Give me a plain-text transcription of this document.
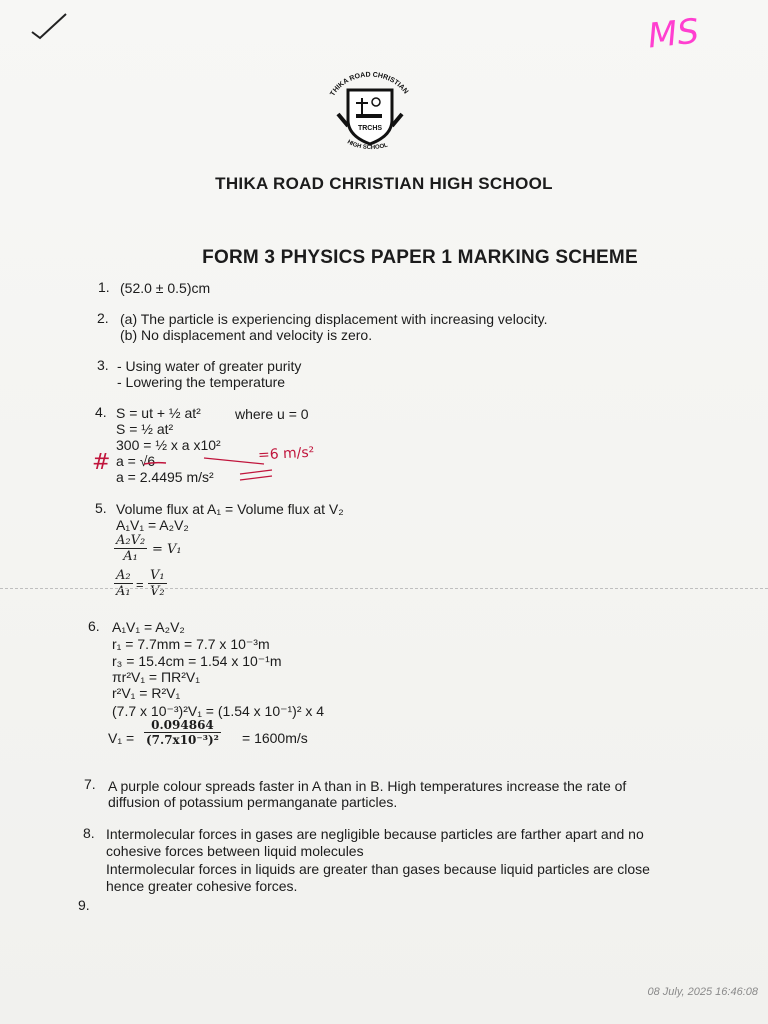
MS
THIKA ROAD CHRISTIAN
TRCHS
HIGH SCHOOL
THIKA ROAD CHRISTIAN HIGH SCHOOL
FORM 3 PHYSICS PAPER 1 MARKING SCHEME
1. (52.0 ± 0.5)cm
2. (a) The particle is experiencing displacement with increasing velocity.
(b) No displacement and velocity is zero.
3. - Using water of greater purity
- Lowering the temperature
4. S = ut + ½ at² where u = 0
S = ½ at²
300 = ½ x a x10²
a = √6
a = 2.4495 m/s²
#	=6 m/s²
5. Volume flux at A₁ = Volume flux at V₂
A₁V₁ = A₂V₂
$\frac{\text{A₂V₂}}{\text{A₁}} = V_1$
$\frac{\text{A₂}}{\text{A₁}} = \frac{\text{V₁}}{\text{V₂}}$
6. A₁V₁ = A₂V₂
r₁ = 7.7mm = 7.7 x 10⁻³m
r₃ = 15.4cm = 1.54 x 10⁻¹m
πr²V₁ = ΠR²V₁
r²V₁ = R²V₁
(7.7 x 10⁻³)²V₁ = (1.54 x 10⁻¹)² x 4
$V_1 = \frac{0.094864}{\text{(7.7x10⁻³)²}} = 1600m/s$
7. A purple colour spreads faster in A than in B. High temperatures increase the rate of
diffusion of potassium permanganate particles.
8. Intermolecular forces in gases are negligible because particles are farther apart and no
cohesive forces between liquid molecules
Intermolecular forces in liquids are greater than gases because liquid particles are close
hence greater cohesive forces.
9.
08 July, 2025 16:46:08
